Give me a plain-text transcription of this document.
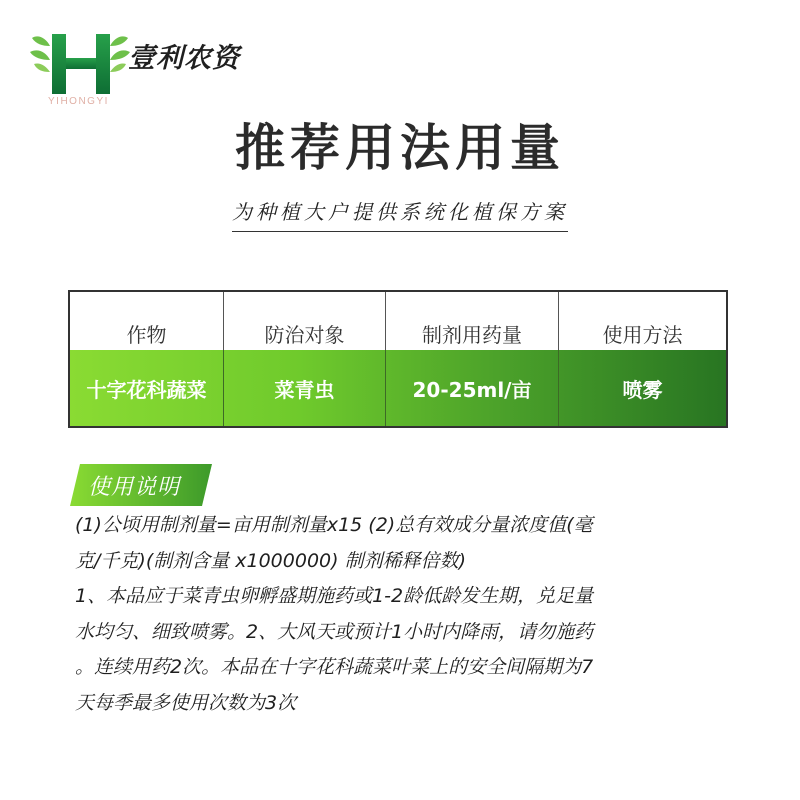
壹利农资
YIHONGYI
推荐用法用量
为种植大户提供系统化植保方案
作物	防治对象	制剂用药量	使用方法
十字花科蔬菜	菜青虫	20-25ml/亩	喷雾
使用说明

(1)公顷用制剂量=亩用制剂量x15 (2)总有效成分量浓度值(毫

克/千克)(制剂含量 x1000000) 制剂稀释倍数)

1、本品应于菜青虫卵孵盛期施药或1-2龄低龄发生期，兑足量

水均匀、细致喷雾。2、大风天或预计1小时内降雨，请勿施药

。连续用药2次。本品在十字花科蔬菜叶菜上的安全间隔期为7

天每季最多使用次数为3次
